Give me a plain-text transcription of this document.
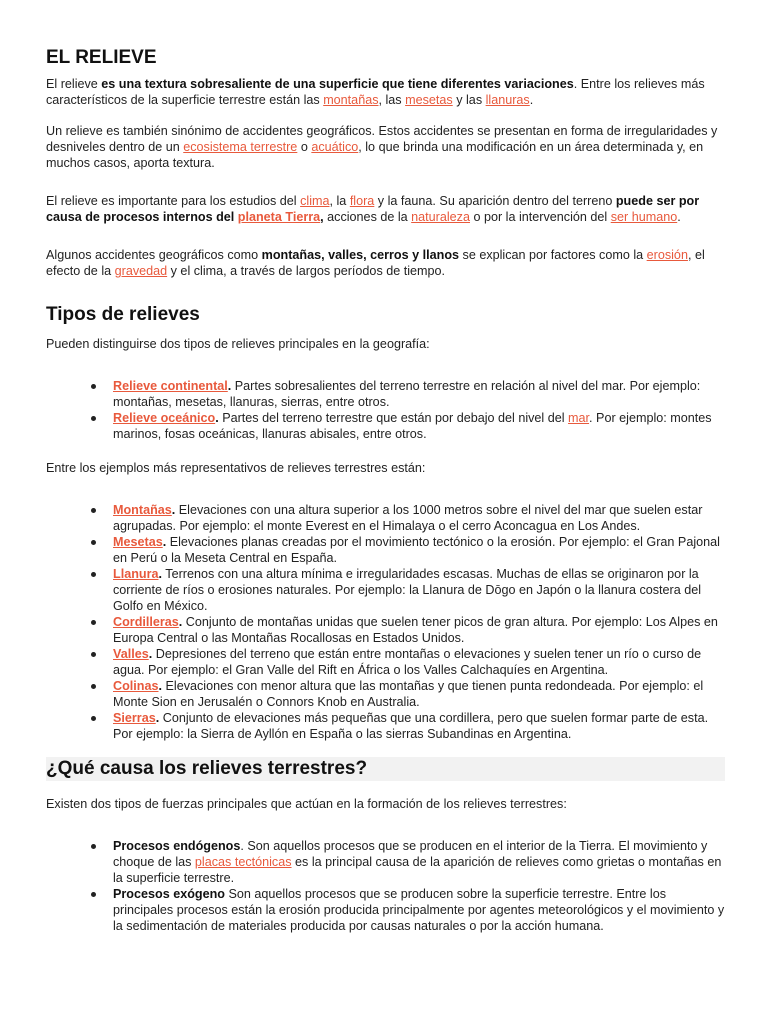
EL RELIEVE

El relieve es una textura sobresaliente de una superficie que tiene diferentes variaciones. Entre los relieves más característicos de la superficie terrestre están las montañas, las mesetas y las llanuras.

Un relieve es también sinónimo de accidentes geográficos. Estos accidentes se presentan en forma de irregularidades y desniveles dentro de un ecosistema terrestre o acuático, lo que brinda una modificación en un área determinada y, en muchos casos, aporta textura.

El relieve es importante para los estudios del clima, la flora y la fauna. Su aparición dentro del terreno puede ser por causa de procesos internos del planeta Tierra, acciones de la naturaleza o por la intervención del ser humano.

Algunos accidentes geográficos como montañas, valles, cerros y llanos se explican por factores como la erosión, el efecto de la gravedad y el clima, a través de largos períodos de tiempo.

Tipos de relieves

Pueden distinguirse dos tipos de relieves principales en la geografía:

Relieve continental. Partes sobresalientes del terreno terrestre en relación al nivel del mar. Por ejemplo: montañas, mesetas, llanuras, sierras, entre otros.
Relieve oceánico. Partes del terreno terrestre que están por debajo del nivel del mar. Por ejemplo: montes marinos, fosas oceánicas, llanuras abisales, entre otros.

Entre los ejemplos más representativos de relieves terrestres están:

Montañas. Elevaciones con una altura superior a los 1000 metros sobre el nivel del mar que suelen estar agrupadas. Por ejemplo: el monte Everest en el Himalaya o el cerro Aconcagua en Los Andes.
Mesetas. Elevaciones planas creadas por el movimiento tectónico o la erosión. Por ejemplo: el Gran Pajonal en Perú o la Meseta Central en España.
Llanura. Terrenos con una altura mínima e irregularidades escasas. Muchas de ellas se originaron por la corriente de ríos o erosiones naturales. Por ejemplo: la Llanura de Dōgo en Japón o la llanura costera del Golfo en México.
Cordilleras. Conjunto de montañas unidas que suelen tener picos de gran altura. Por ejemplo: Los Alpes en Europa Central o las Montañas Rocallosas en Estados Unidos.
Valles. Depresiones del terreno que están entre montañas o elevaciones y suelen tener un río o curso de agua. Por ejemplo: el Gran Valle del Rift en África o los Valles Calchaquíes en Argentina.
Colinas. Elevaciones con menor altura que las montañas y que tienen punta redondeada. Por ejemplo: el Monte Sion en Jerusalén o Connors Knob en Australia.
Sierras. Conjunto de elevaciones más pequeñas que una cordillera, pero que suelen formar parte de esta. Por ejemplo: la Sierra de Ayllón en España o las sierras Subandinas en Argentina.
¿Qué causa los relieves terrestres?

Existen dos tipos de fuerzas principales que actúan en la formación de los relieves terrestres:

Procesos endógenos. Son aquellos procesos que se producen en el interior de la Tierra. El movimiento y choque de las placas tectónicas es la principal causa de la aparición de relieves como grietas o montañas en la superficie terrestre.
Procesos exógeno Son aquellos procesos que se producen sobre la superficie terrestre. Entre los principales procesos están la erosión producida principalmente por agentes meteorológicos y el movimiento y la sedimentación de materiales producida por causas naturales o por la acción humana.
